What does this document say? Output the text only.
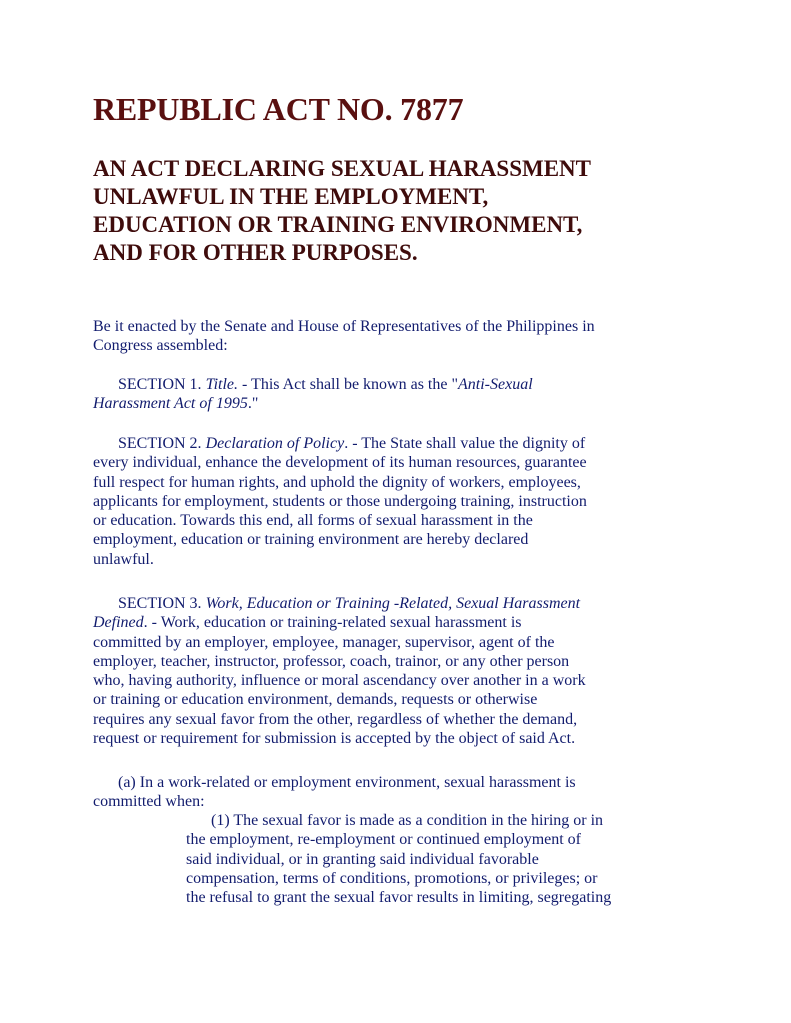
REPUBLIC ACT NO. 7877
AN ACT DECLARING SEXUAL HARASSMENT
UNLAWFUL IN THE EMPLOYMENT,
EDUCATION OR TRAINING ENVIRONMENT,
AND FOR OTHER PURPOSES.

Be it enacted by the Senate and House of Representatives of the Philippines in
Congress assembled:

SECTION 1. Title. - This Act shall be known as the "Anti-Sexual
Harassment Act of 1995."

SECTION 2. Declaration of Policy. - The State shall value the dignity of
every individual, enhance the development of its human resources, guarantee
full respect for human rights, and uphold the dignity of workers, employees,
applicants for employment, students or those undergoing training, instruction
or education. Towards this end, all forms of sexual harassment in the
employment, education or training environment are hereby declared
unlawful.

SECTION 3. Work, Education or Training -Related, Sexual Harassment
Defined. - Work, education or training-related sexual harassment is
committed by an employer, employee, manager, supervisor, agent of the
employer, teacher, instructor, professor, coach, trainor, or any other person
who, having authority, influence or moral ascendancy over another in a work
or training or education environment, demands, requests or otherwise
requires any sexual favor from the other, regardless of whether the demand,
request or requirement for submission is accepted by the object of said Act.

(a) In a work-related or employment environment, sexual harassment is
committed when:

(1) The sexual favor is made as a condition in the hiring or in
the employment, re-employment or continued employment of
said individual, or in granting said individual favorable
compensation, terms of conditions, promotions, or privileges; or
the refusal to grant the sexual favor results in limiting, segregating
